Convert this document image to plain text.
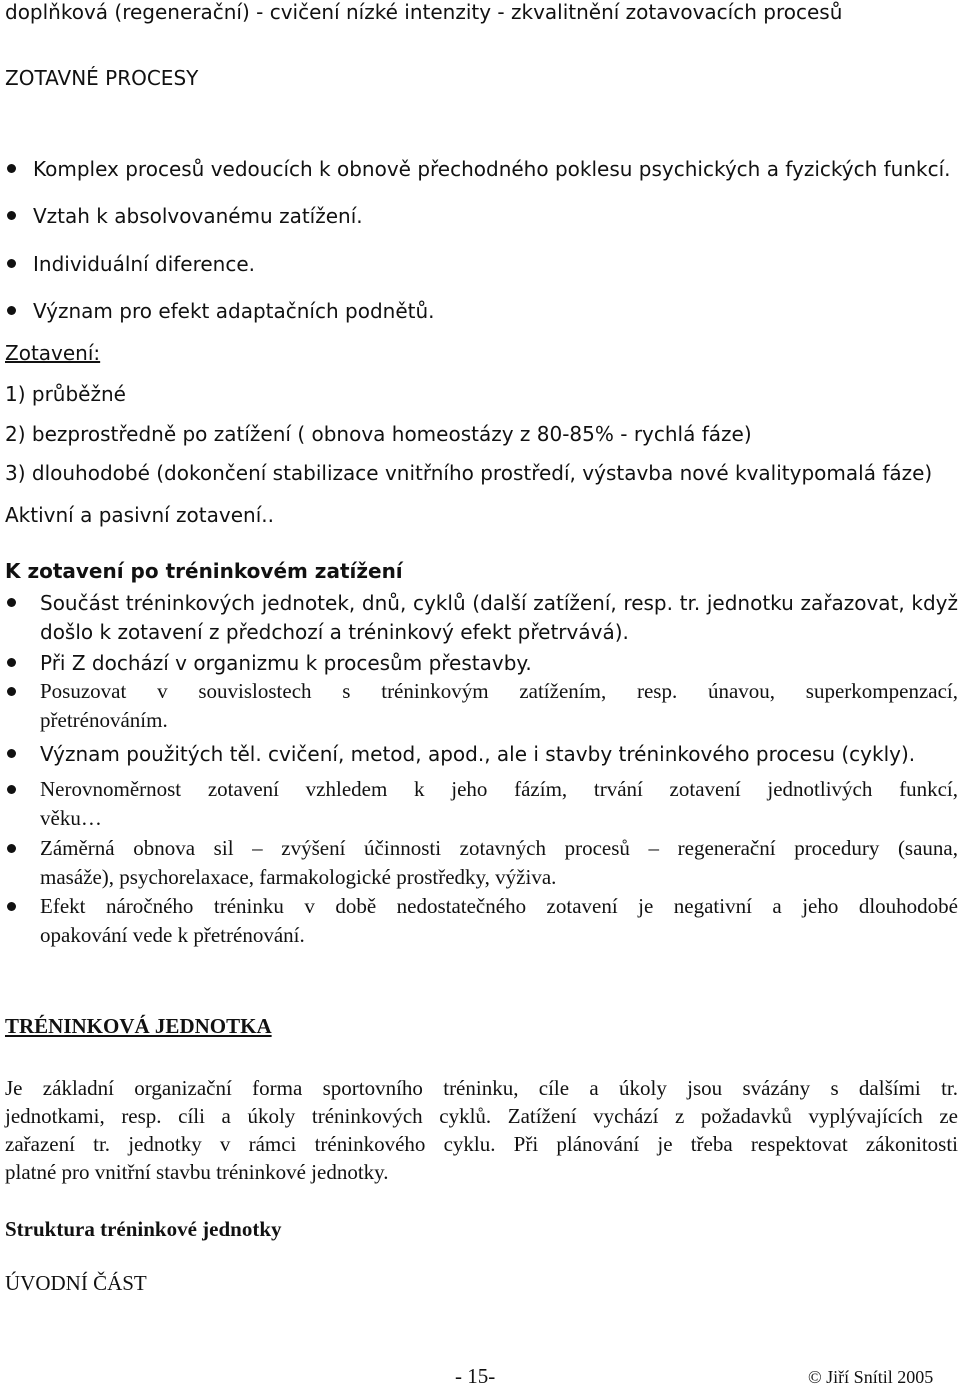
doplňková (regenerační) - cvičení nízké intenzity - zkvalitnění zotavovacích procesů
ZOTAVNÉ PROCESY
Komplex procesů vedoucích k obnově přechodného poklesu psychických a fyzických funkcí.
Vztah k absolvovanému zatížení.
Individuální diference.
Význam pro efekt adaptačních podnětů.
Zotavení:
1) průběžné
2) bezprostředně po zatížení ( obnova homeostázy z 80-85% - rychlá fáze)
3) dlouhodobé (dokončení stabilizace vnitřního prostředí, výstavba nové kvalitypomalá fáze)
Aktivní a pasivní zotavení..
K zotavení po tréninkovém zatížení
Součást tréninkových jednotek, dnů, cyklů (další zatížení, resp. tr. jednotku zařazovat, když
došlo k zotavení z předchozí a tréninkový efekt přetrvává).
Při Z dochází v organizmu k procesům přestavby.
Posuzovat v souvislostech s tréninkovým zatížením, resp. únavou, superkompenzací,
přetrénováním.
Význam použitých těl. cvičení, metod, apod., ale i stavby tréninkového procesu (cykly).
Nerovnoměrnost zotavení vzhledem k jeho fázím, trvání zotavení jednotlivých funkcí,
věku…
Záměrná obnova sil – zvýšení účinnosti zotavných procesů – regenerační procedury (sauna,
masáže), psychorelaxace, farmakologické prostředky, výživa.
Efekt náročného tréninku v době nedostatečného zotavení je negativní a jeho dlouhodobé
opakování vede k přetrénování.
TRÉNINKOVÁ JEDNOTKA
Je základní organizační forma sportovního tréninku, cíle a úkoly jsou svázány s dalšími tr.
jednotkami, resp. cíli a úkoly tréninkových cyklů. Zatížení vychází z požadavků vyplývajících ze
zařazení tr. jednotky v rámci tréninkového cyklu. Při plánování je třeba respektovat zákonitosti
platné pro vnitřní stavbu tréninkové jednotky.
Struktura tréninkové jednotky
ÚVODNÍ ČÁST
- 15-	© Jiří Snítil 2005
